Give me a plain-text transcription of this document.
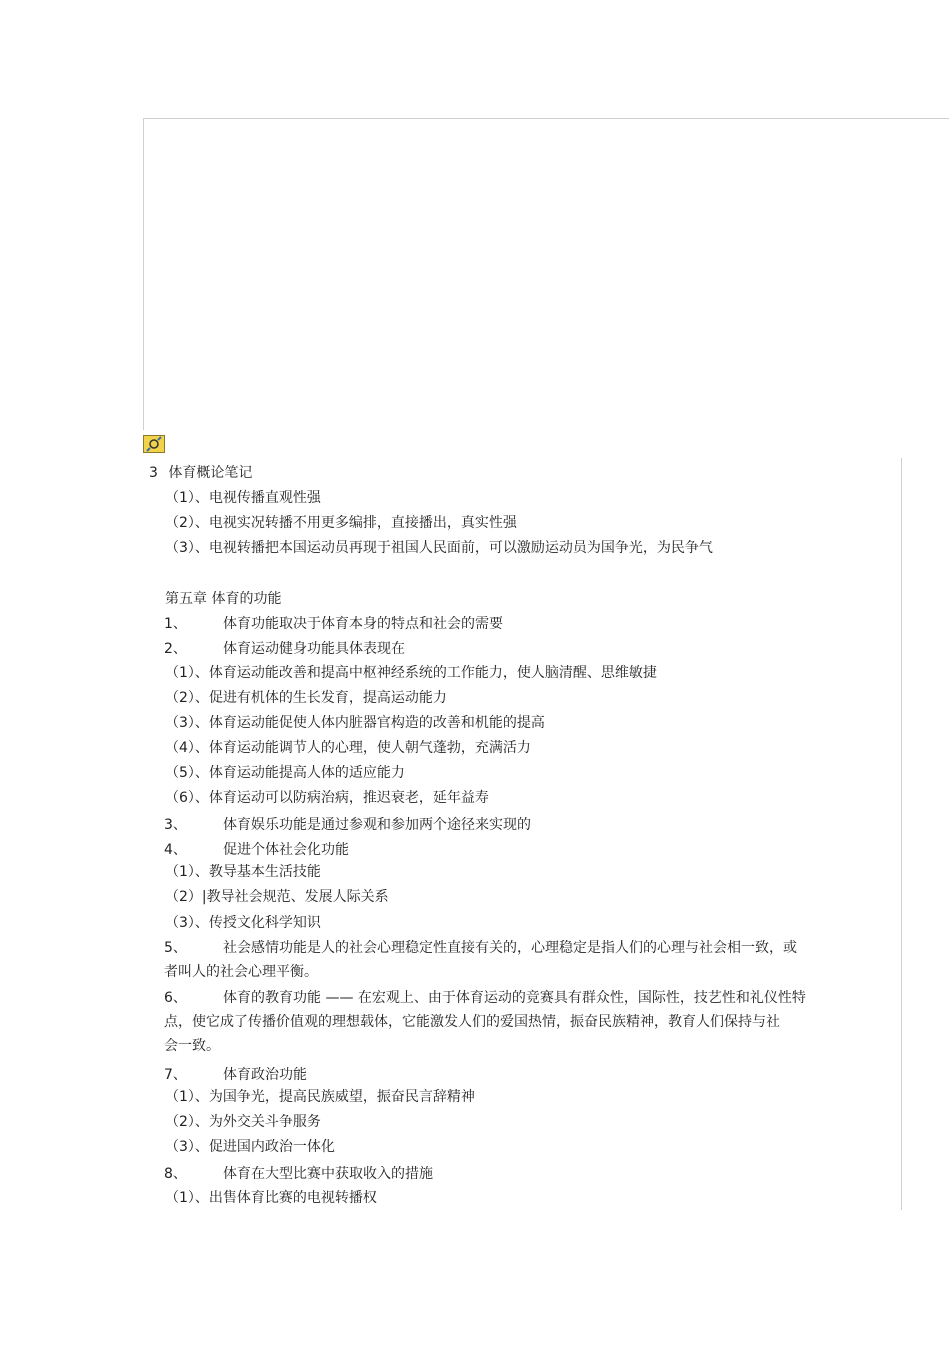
3 体育概论笔记
（1）、电视传播直观性强
（2）、电视实况转播不用更多编排，直接播出，真实性强
（3）、电视转播把本国运动员再现于祖国人民面前，可以激励运动员为国争光，为民争气
第五章 体育的功能
1、	体育功能取决于体育本身的特点和社会的需要
2、	体育运动健身功能具体表现在
（1）、体育运动能改善和提高中枢神经系统的工作能力，使人脑清醒、思维敏捷
（2）、促进有机体的生长发育，提高运动能力
（3）、体育运动能促使人体内脏器官构造的改善和机能的提高
（4）、体育运动能调节人的心理，使人朝气蓬勃，充满活力
（5）、体育运动能提高人体的适应能力
（6）、体育运动可以防病治病，推迟衰老，延年益寿
3、	体育娱乐功能是通过参观和参加两个途径来实现的
4、	促进个体社会化功能
（1）、教导基本生活技能
（2）|教导社会规范、发展人际关系
（3）、传授文化科学知识
5、	社会感情功能是人的社会心理稳定性直接有关的，心理稳定是指人们的心理与社会相一致，或
者叫人的社会心理平衡。
6、	体育的教育功能 —— 在宏观上、由于体育运动的竞赛具有群众性，国际性，技艺性和礼仪性特
点，使它成了传播价值观的理想载体，它能激发人们的爱国热情，振奋民族精神，教育人们保持与社
会一致。
7、	体育政治功能
（1）、为国争光，提高民族威望，振奋民言辞精神
（2）、为外交关斗争服务
（3）、促进国内政治一体化
8、	体育在大型比赛中获取收入的措施
（1）、出售体育比赛的电视转播权
